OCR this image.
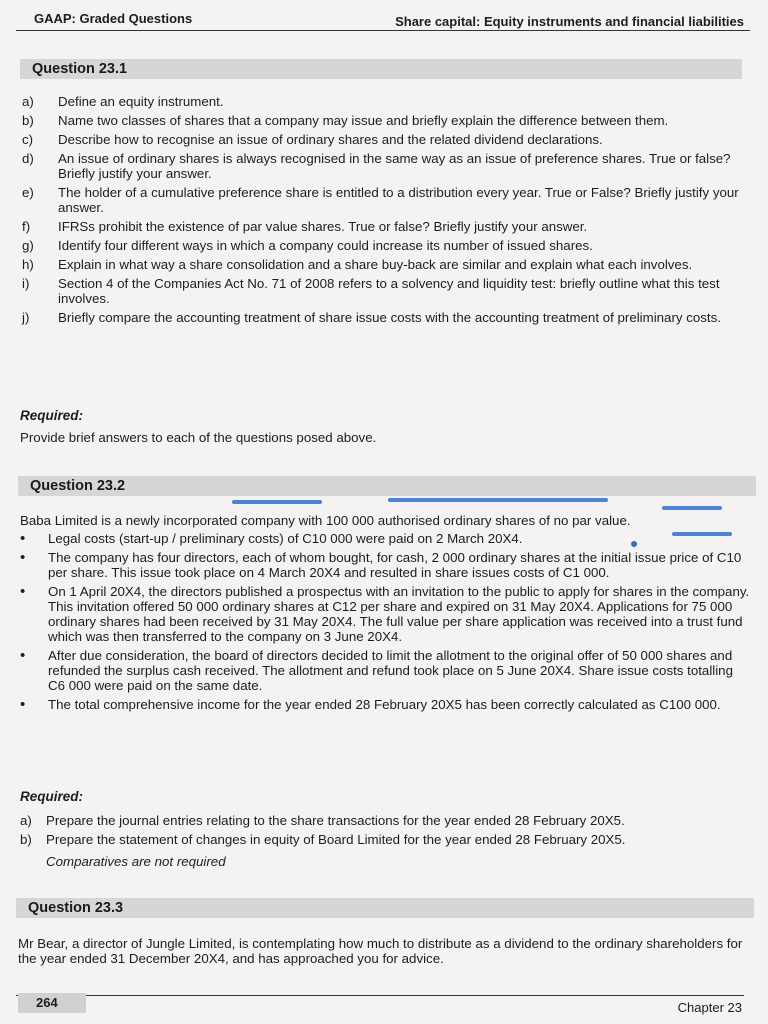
GAAP: Graded Questions	Share capital: Equity instruments and financial liabilities
Question 23.1
a) Define an equity instrument.
b) Name two classes of shares that a company may issue and briefly explain the difference between them.
c) Describe how to recognise an issue of ordinary shares and the related dividend declarations.
d) An issue of ordinary shares is always recognised in the same way as an issue of preference shares. True or false? Briefly justify your answer.
e) The holder of a cumulative preference share is entitled to a distribution every year. True or False? Briefly justify your answer.
f) IFRSs prohibit the existence of par value shares. True or false? Briefly justify your answer.
g) Identify four different ways in which a company could increase its number of issued shares.
h) Explain in what way a share consolidation and a share buy-back are similar and explain what each involves.
i) Section 4 of the Companies Act No. 71 of 2008 refers to a solvency and liquidity test: briefly outline what this test involves.
j) Briefly compare the accounting treatment of share issue costs with the accounting treatment of preliminary costs.
Required:
Provide brief answers to each of the questions posed above.
Question 23.2
Baba Limited is a newly incorporated company with 100 000 authorised ordinary shares of no par value.
• Legal costs (start-up / preliminary costs) of C10 000 were paid on 2 March 20X4.
• The company has four directors, each of whom bought, for cash, 2 000 ordinary shares at the initial issue price of C10 per share. This issue took place on 4 March 20X4 and resulted in share issues costs of C1 000.
• On 1 April 20X4, the directors published a prospectus with an invitation to the public to apply for shares in the company. This invitation offered 50 000 ordinary shares at C12 per share and expired on 31 May 20X4. Applications for 75 000 ordinary shares had been received by 31 May 20X4. The full value per share application was received into a trust fund which was then transferred to the company on 3 June 20X4.
• After due consideration, the board of directors decided to limit the allotment to the original offer of 50 000 shares and refunded the surplus cash received. The allotment and refund took place on 5 June 20X4. Share issue costs totalling C6 000 were paid on the same date.
• The total comprehensive income for the year ended 28 February 20X5 has been correctly calculated as C100 000.
Required:
a) Prepare the journal entries relating to the share transactions for the year ended 28 February 20X5.
b) Prepare the statement of changes in equity of Board Limited for the year ended 28 February 20X5.
Comparatives are not required
Question 23.3
Mr Bear, a director of Jungle Limited, is contemplating how much to distribute as a dividend to the ordinary shareholders for the year ended 31 December 20X4, and has approached you for advice.
264	Chapter 23
